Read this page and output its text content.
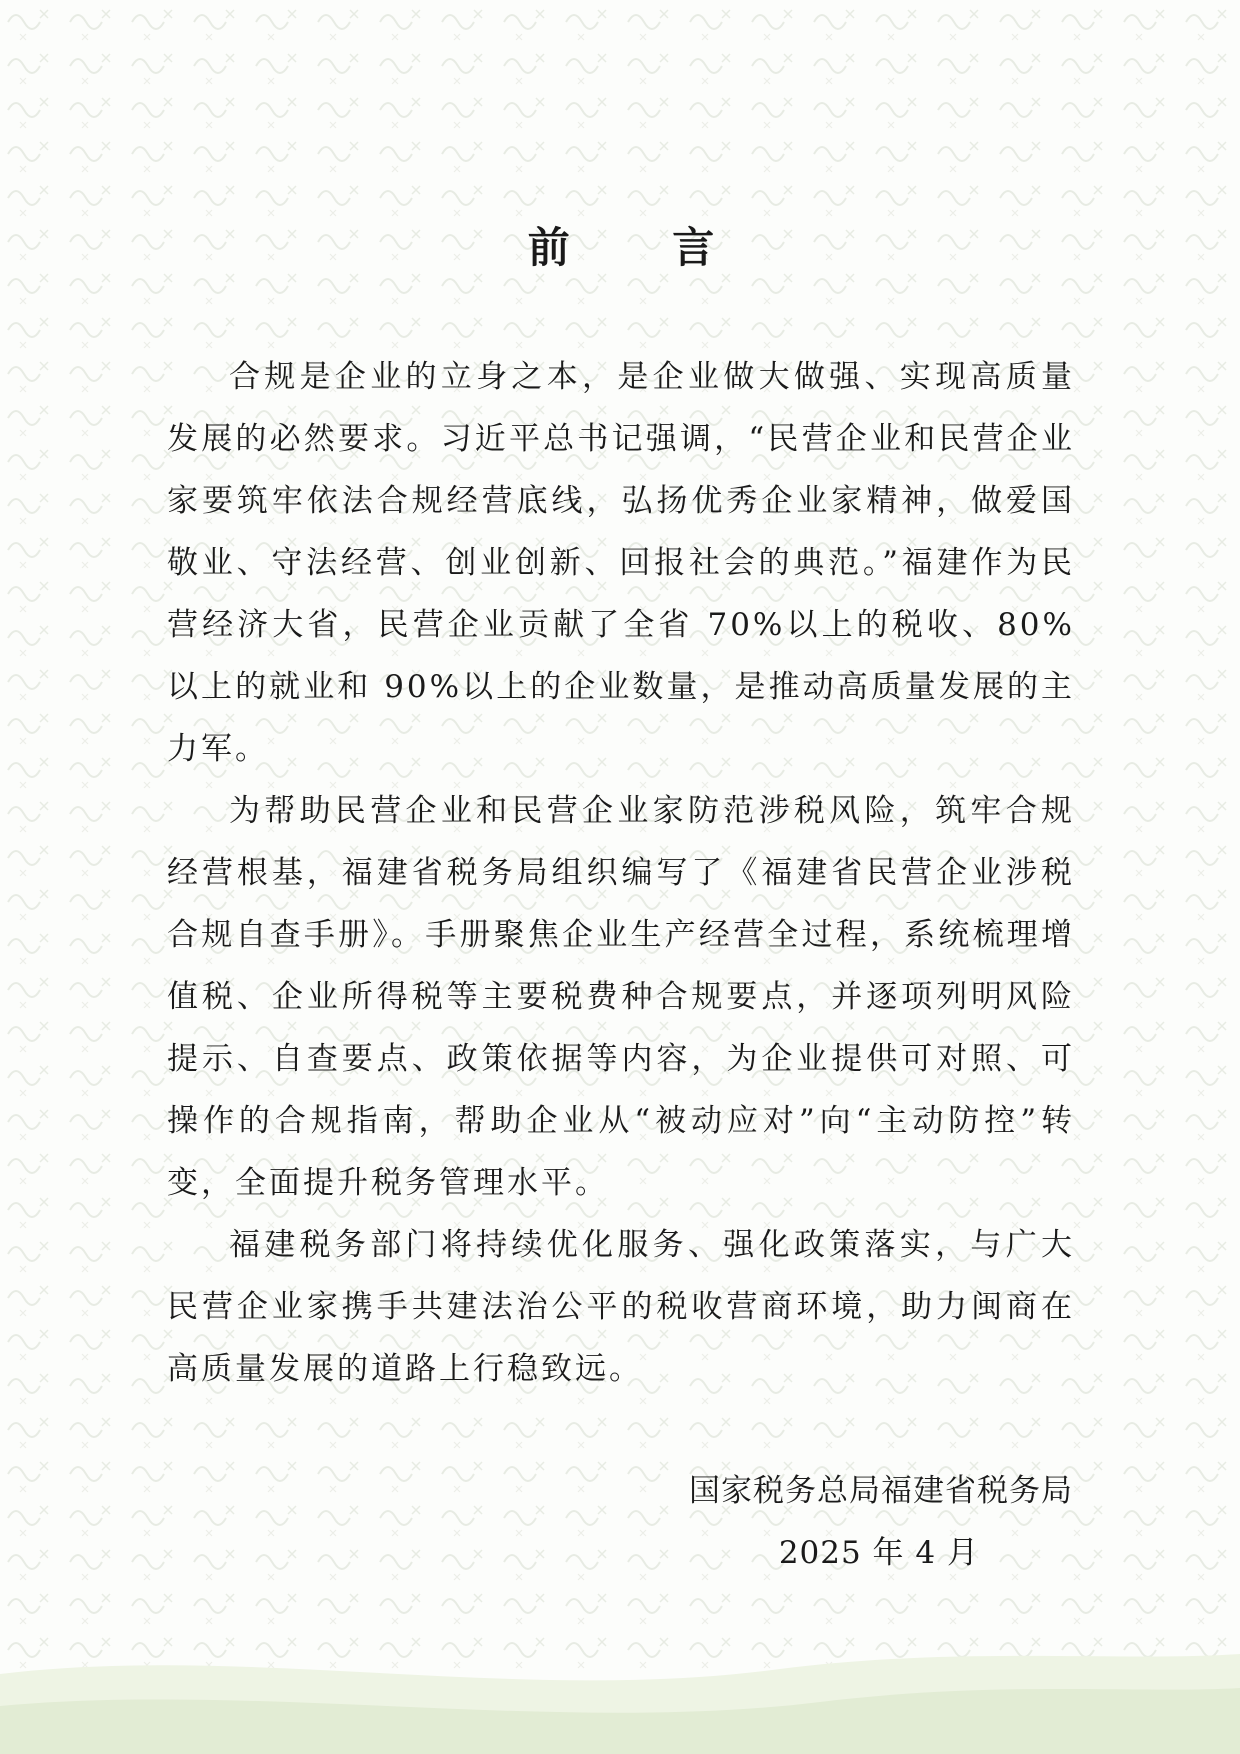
前 言

合规是企业的立身之本，是企业做大做强、实现高质量发展的必然要求。习近平总书记强调，“民营企业和民营企业家要筑牢依法合规经营底线，弘扬优秀企业家精神，做爱国敬业、守法经营、创业创新、回报社会的典范。”福建作为民营经济大省，民营企业贡献了全省 70%以上的税收、80%以上的就业和 90%以上的企业数量，是推动高质量发展的主力军。

为帮助民营企业和民营企业家防范涉税风险，筑牢合规经营根基，福建省税务局组织编写了《福建省民营企业涉税合规自查手册》。手册聚焦企业生产经营全过程，系统梳理增值税、企业所得税等主要税费种合规要点，并逐项列明风险提示、自查要点、政策依据等内容，为企业提供可对照、可操作的合规指南，帮助企业从“被动应对”向“主动防控”转变，全面提升税务管理水平。

福建税务部门将持续优化服务、强化政策落实，与广大民营企业家携手共建法治公平的税收营商环境，助力闽商在高质量发展的道路上行稳致远。

国家税务总局福建省税务局
2025 年 4 月
